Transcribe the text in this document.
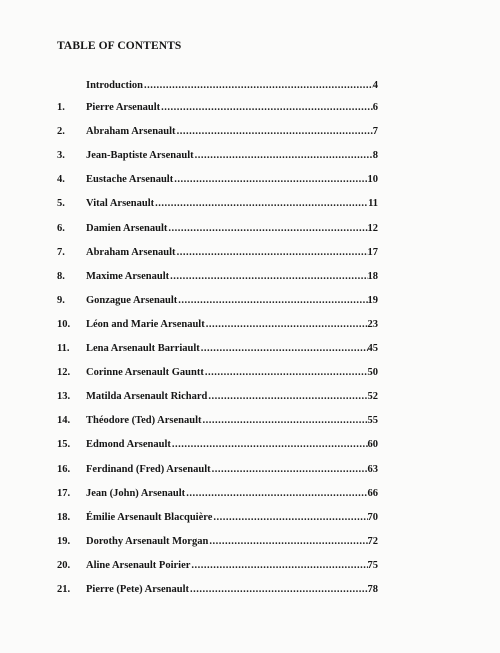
TABLE OF CONTENTS
Introduction .....	4
1.	Pierre Arsenault .....	6
2.	Abraham Arsenault .....	7
3.	Jean-Baptiste Arsenault .....	8
4.	Eustache Arsenault .....	10
5.	Vital Arsenault .....	11
6.	Damien Arsenault .....	12
7.	Abraham Arsenault .....	17
8.	Maxime Arsenault .....	18
9.	Gonzague Arsenault .....	19
10.	Léon and Marie Arsenault .....	23
11.	Lena Arsenault Barriault .....	45
12.	Corinne Arsenault Gauntt .....	50
13.	Matilda Arsenault Richard .....	52
14.	Théodore (Ted) Arsenault .....	55
15.	Edmond Arsenault .....	60
16.	Ferdinand (Fred) Arsenault .....	63
17.	Jean (John) Arsenault .....	66
18.	Émilie Arsenault Blacquière .....	70
19.	Dorothy Arsenault Morgan .....	72
20.	Aline Arsenault Poirier .....	75
21.	Pierre (Pete) Arsenault .....	78
